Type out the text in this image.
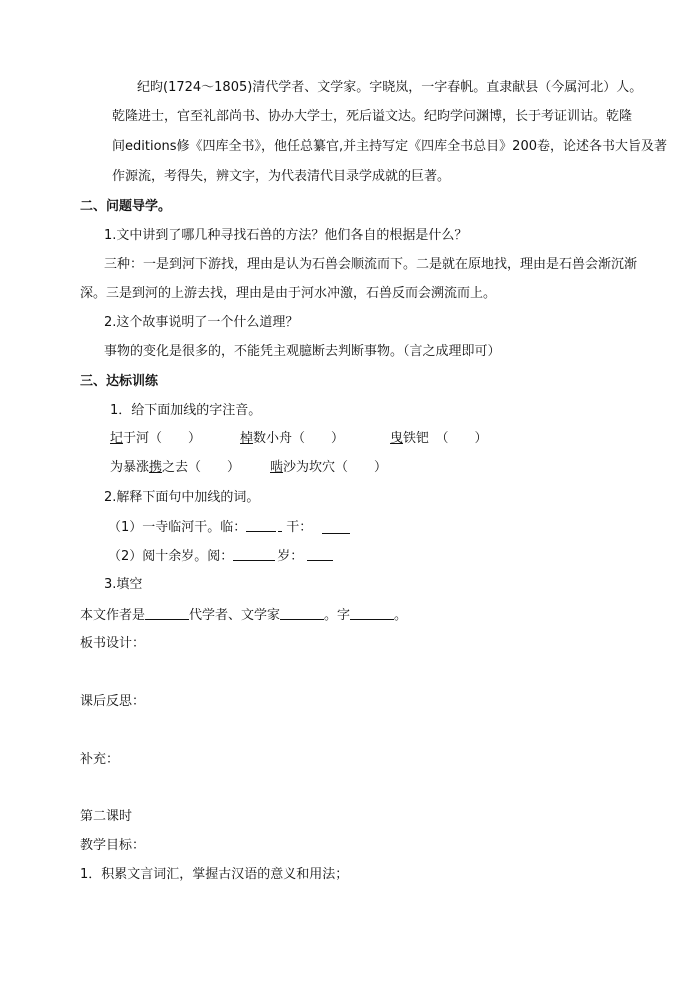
纪昀(1724～1805)清代学者、文学家。字晓岚，一字春帆。直隶献县（今属河北）人。
乾隆进士，官至礼部尚书、协办大学士，死后谥文达。纪昀学问渊博，长于考证训诂。乾隆
间editions修《四库全书》，他任总纂官,并主持写定《四库全书总目》200卷，论述各书大旨及著
作源流，考得失，辨文字，为代表清代目录学成就的巨著。
二、问题导学。
1.文中讲到了哪几种寻找石兽的方法？他们各自的根据是什么？
三种：一是到河下游找，理由是认为石兽会顺流而下。二是就在原地找，理由是石兽会渐沉渐
深。三是到河的上游去找，理由是由于河水冲激，石兽反而会溯流而上。
2.这个故事说明了一个什么道理？
事物的变化是很多的，不能凭主观臆断去判断事物。（言之成理即可）
三、达标训练
1．给下面加线的字注音。
圮于河（　　）	棹数小舟（　　）	曳铁钯　（　　）
为暴涨携之去（　　） 啮沙为坎穴（　　）
2.解释下面句中加线的词。
（1）一寺临河干。临：	干：
（2）阅十余岁。阅：	岁：
3.填空
本文作者是	代学者、文学家	。字	。
板书设计：
课后反思：
补充：
第二课时
教学目标：
1．积累文言词汇，掌握古汉语的意义和用法；
